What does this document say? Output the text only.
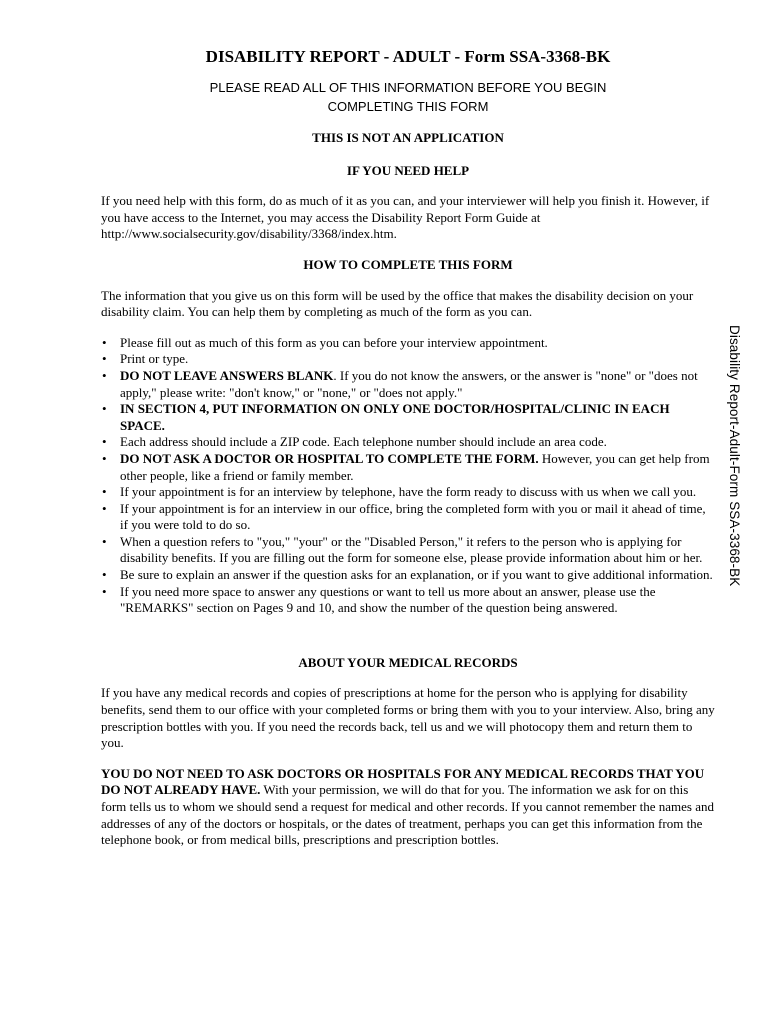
DISABILITY REPORT - ADULT - Form SSA-3368-BK
PLEASE READ ALL OF THIS INFORMATION BEFORE YOU BEGIN
COMPLETING THIS FORM
THIS IS NOT AN APPLICATION
IF YOU NEED HELP

If you need help with this form, do as much of it as you can, and your interviewer will help you finish it. However, if you have access to the Internet, you may access the Disability Report Form Guide at http://www.socialsecurity.gov/disability/3368/index.htm.

HOW TO COMPLETE THIS FORM

The information that you give us on this form will be used by the office that makes the disability decision on your disability claim. You can help them by completing as much of the form as you can.

• Please fill out as much of this form as you can before your interview appointment.
• Print or type.
• DO NOT LEAVE ANSWERS BLANK. If you do not know the answers, or the answer is "none" or "does not apply," please write: "don't know," or "none," or "does not apply."
• IN SECTION 4, PUT INFORMATION ON ONLY ONE DOCTOR/HOSPITAL/CLINIC IN EACH SPACE.
• Each address should include a ZIP code. Each telephone number should include an area code.
• DO NOT ASK A DOCTOR OR HOSPITAL TO COMPLETE THE FORM. However, you can get help from other people, like a friend or family member.
• If your appointment is for an interview by telephone, have the form ready to discuss with us when we call you.
• If your appointment is for an interview in our office, bring the completed form with you or mail it ahead of time, if you were told to do so.
• When a question refers to "you," "your" or the "Disabled Person," it refers to the person who is applying for disability benefits. If you are filling out the form for someone else, please provide information about him or her.
• Be sure to explain an answer if the question asks for an explanation, or if you want to give additional information.
• If you need more space to answer any questions or want to tell us more about an answer, please use the "REMARKS" section on Pages 9 and 10, and show the number of the question being answered.
ABOUT YOUR MEDICAL RECORDS

If you have any medical records and copies of prescriptions at home for the person who is applying for disability benefits, send them to our office with your completed forms or bring them with you to your interview. Also, bring any prescription bottles with you. If you need the records back, tell us and we will photocopy them and return them to you.

YOU DO NOT NEED TO ASK DOCTORS OR HOSPITALS FOR ANY MEDICAL RECORDS THAT YOU DO NOT ALREADY HAVE. With your permission, we will do that for you. The information we ask for on this form tells us to whom we should send a request for medical and other records. If you cannot remember the names and addresses of any of the doctors or hospitals, or the dates of treatment, perhaps you can get this information from the telephone book, or from medical bills, prescriptions and prescription bottles.

Disability Report-Adult-Form SSA-3368-BK
